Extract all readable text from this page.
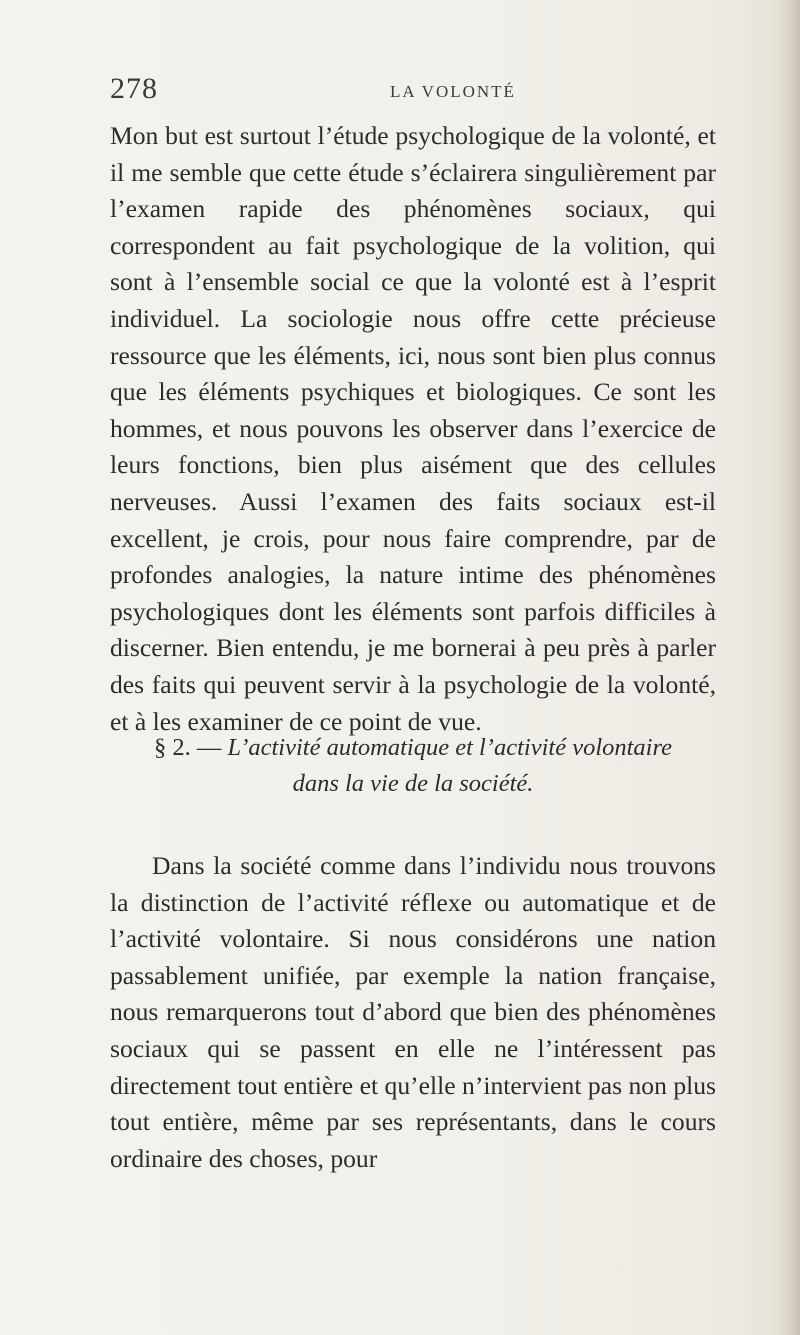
278	LA VOLONTÉ

Mon but est surtout l’étude psychologique de la volonté, et il me semble que cette étude s’éclairera singulièrement par l’examen rapide des phénomènes sociaux, qui correspondent au fait psychologique de la volition, qui sont à l’ensemble social ce que la volonté est à l’esprit individuel. La sociologie nous offre cette précieuse ressource que les éléments, ici, nous sont bien plus connus que les éléments psychiques et biologiques. Ce sont les hommes, et nous pouvons les observer dans l’exercice de leurs fonctions, bien plus aisément que des cellules nerveuses. Aussi l’examen des faits sociaux est-il excellent, je crois, pour nous faire comprendre, par de profondes analogies, la nature intime des phénomènes psychologiques dont les éléments sont parfois difficiles à discerner. Bien entendu, je me bornerai à peu près à parler des faits qui peuvent servir à la psychologie de la volonté, et à les examiner de ce point de vue.

§ 2. — L’activité automatique et l’activité volontaire
dans la vie de la société.

Dans la société comme dans l’individu nous trouvons la distinction de l’activité réflexe ou automatique et de l’activité volontaire. Si nous considérons une nation passablement unifiée, par exemple la nation française, nous remarquerons tout d’abord que bien des phénomènes sociaux qui se passent en elle ne l’intéressent pas directement tout entière et qu’elle n’intervient pas non plus tout entière, même par ses représentants, dans le cours ordinaire des choses, pour
